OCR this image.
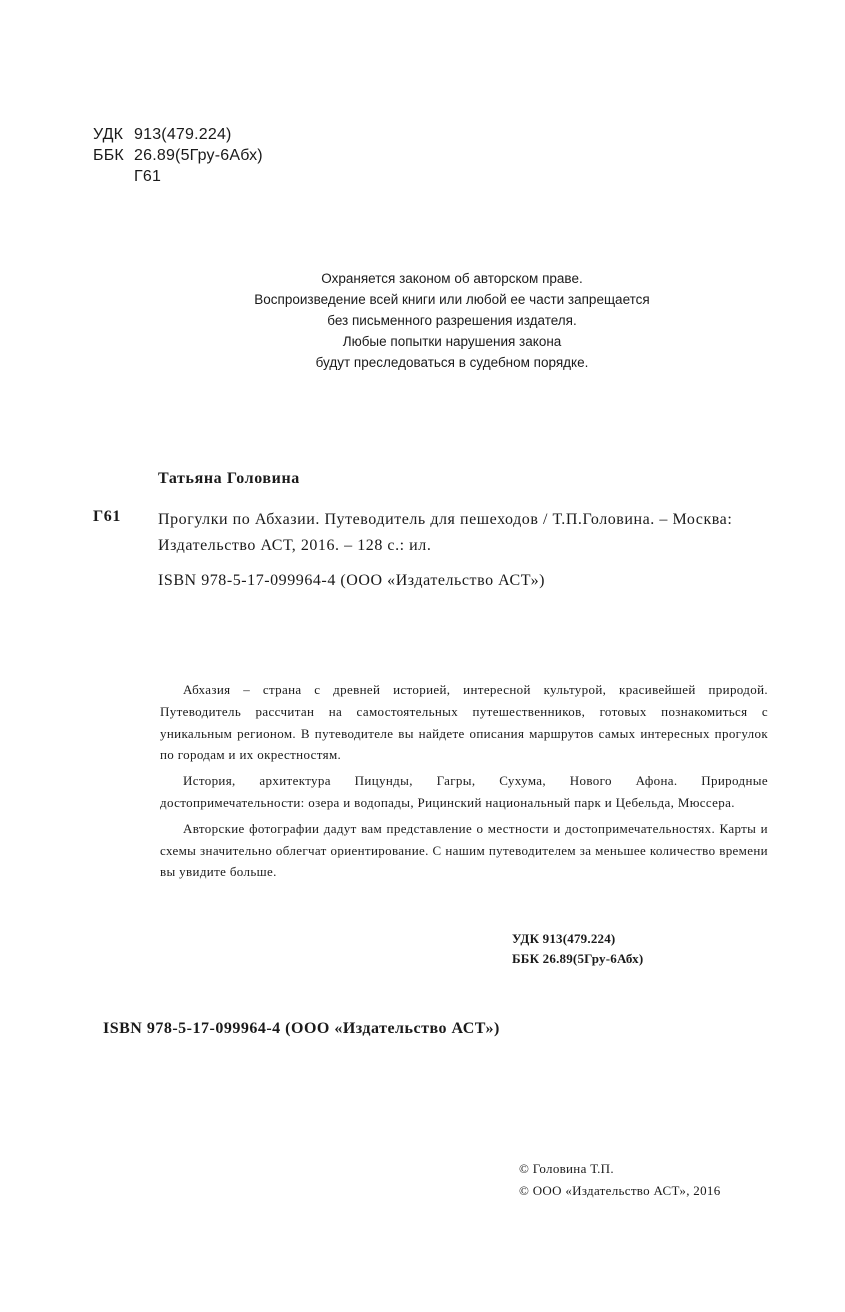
УДК 913(479.224)
ББК 26.89(5Гру-6Абх)
Г61
Охраняется законом об авторском праве.
Воспроизведение всей книги или любой ее части запрещается
без письменного разрешения издателя.
Любые попытки нарушения закона
будут преследоваться в судебном порядке.
Татьяна Головина
Г61 Прогулки по Абхазии. Путеводитель для пешеходов / Т.П.Головина. – Москва: Издательство АСТ, 2016. – 128 с.: ил.
ISBN 978-5-17-099964-4 (ООО «Издательство АСТ»)

Абхазия – страна с древней историей, интересной культурой, красивейшей природой. Путеводитель рассчитан на самостоятельных путешественников, готовых познакомиться с уникальным регионом. В путеводителе вы найдете описания маршрутов самых интересных прогулок по городам и их окрестностям.

История, архитектура Пицунды, Гагры, Сухума, Нового Афона. Природные достопримечательности: озера и водопады, Рицинский национальный парк и Цебельда, Мюссера.

Авторские фотографии дадут вам представление о местности и достопримечательностях. Карты и схемы значительно облегчат ориентирование. С нашим путеводителем за меньшее количество времени вы увидите больше.

УДК 913(479.224)
ББК 26.89(5Гру-6Абх)
ISBN 978-5-17-099964-4 (ООО «Издательство АСТ»)
© Головина Т.П.
© ООО «Издательство АСТ», 2016
